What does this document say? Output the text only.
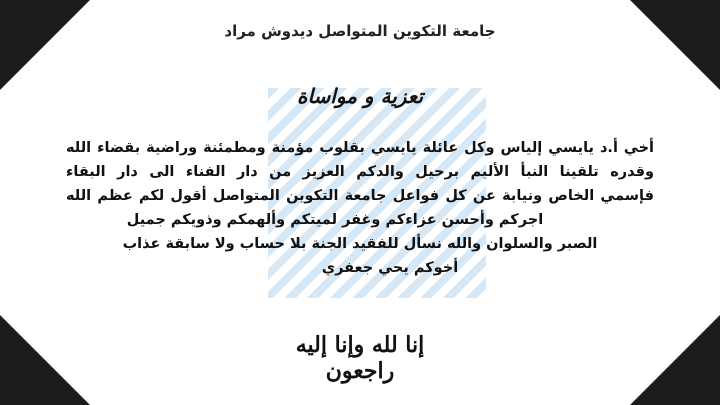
جامعة التكوين المتواصل ديدوش مراد
تعزية و مواساة
أخي أ.د يايسي إلياس وكل عائلة يايسي بقلوب مؤمنة ومطمئنة وراضية بقضاء الله
وقدره تلقينا النبأ الأليم برحيل والدكم العزيز من دار الفناء الى دار البقاء
فإسمي الخاص ونيابة عن كل فواعل جامعة التكوين المتواصل أقول لكم عظم الله
اجركم وأحسن عزاءكم وغفر لميتكم وألهمكم وذويكم جميل
الصبر والسلوان والله نسأل للفقيد الجنة بلا حساب ولا سابقة عذاب
أخوكم يحي جعفري
إنا لله وإنا إليه راجعون
